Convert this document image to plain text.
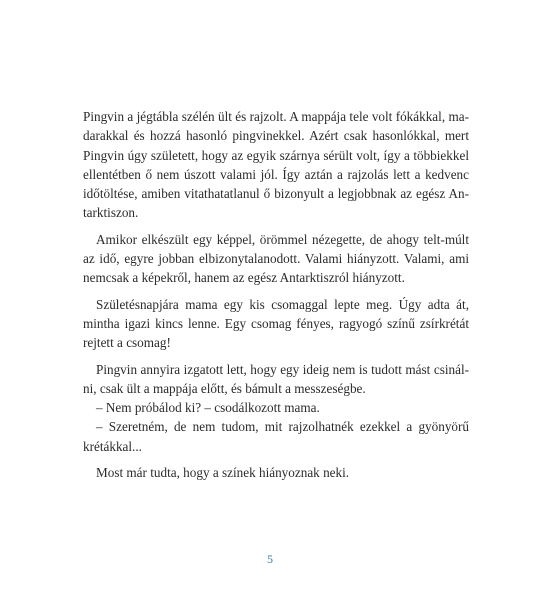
Pingvin a jégtábla szélén ült és rajzolt. A mappája tele volt fókákkal, ma-
darakkal és hozzá hasonló pingvinekkel. Azért csak hasonlókkal, mert
Pingvin úgy született, hogy az egyik szárnya sérült volt, így a többiekkel
ellentétben ő nem úszott valami jól. Így aztán a rajzolás lett a kedvenc
időtöltése, amiben vitathatatlanul ő bizonyult a legjobbnak az egész An-
tarktiszon.

Amikor elkészült egy képpel, örömmel nézegette, de ahogy telt-múlt
az idő, egyre jobban elbizonytalanodott. Valami hiányzott. Valami, ami
nemcsak a képekről, hanem az egész Antarktiszról hiányzott.

Születésnapjára mama egy kis csomaggal lepte meg. Úgy adta át,
mintha igazi kincs lenne. Egy csomag fényes, ragyogó színű zsírkrétát
rejtett a csomag!

Pingvin annyira izgatott lett, hogy egy ideig nem is tudott mást csinál-
ni, csak ült a mappája előtt, és bámult a messzeségbe.

– Nem próbálod ki? – csodálkozott mama.

– Szeretném, de nem tudom, mit rajzolhatnék ezekkel a gyönyörű
krétákkal...

Most már tudta, hogy a színek hiányoznak neki.

5
